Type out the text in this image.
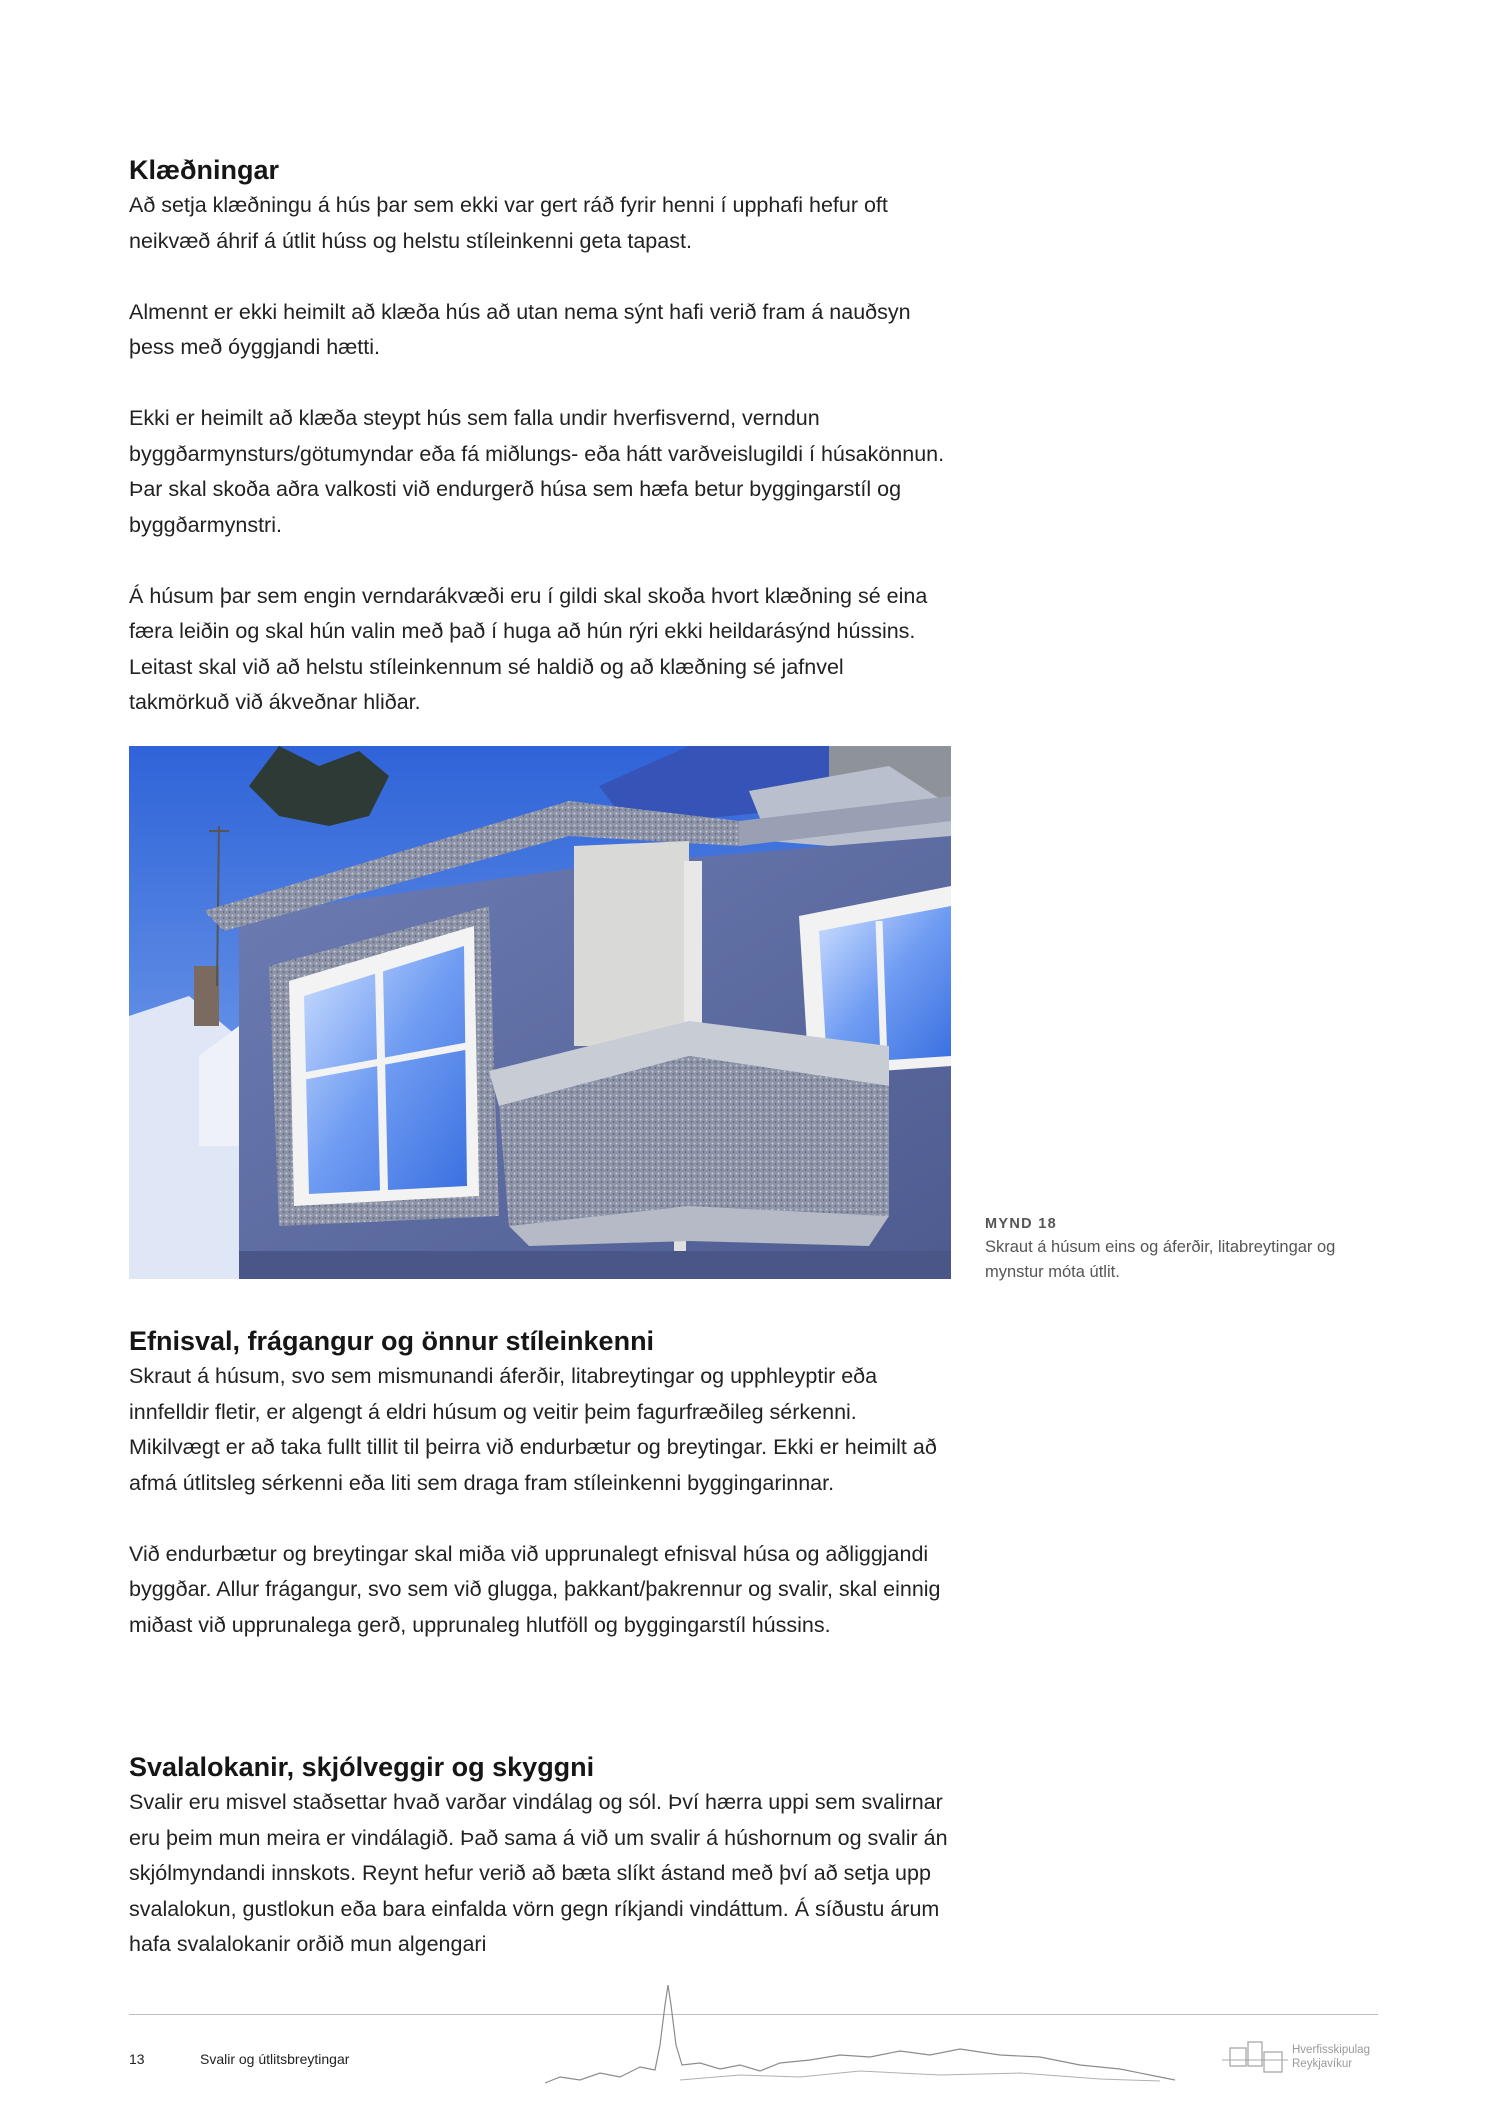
Klæðningar

Að setja klæðningu á hús þar sem ekki var gert ráð fyrir henni í upphafi hefur oft neikvæð áhrif á útlit húss og helstu stíleinkenni geta tapast.

Almennt er ekki heimilt að klæða hús að utan nema sýnt hafi verið fram á nauðsyn þess með óyggjandi hætti.

Ekki er heimilt að klæða steypt hús sem falla undir hverfisvernd, verndun byggðarmynsturs/götumyndar eða fá miðlungs- eða hátt varðveislugildi í húsakönnun. Þar skal skoða aðra valkosti við endurgerð húsa sem hæfa betur byggingarstíl og byggðarmynstri.

Á húsum þar sem engin verndarákvæði eru í gildi skal skoða hvort klæðning sé eina færa leiðin og skal hún valin með það í huga að hún rýri ekki heildarásýnd hússins. Leitast skal við að helstu stíleinkennum sé haldið og að klæðning sé jafnvel takmörkuð við ákveðnar hliðar.

MYND 18
Skraut á húsum eins og áferðir, litabreytingar og mynstur móta útlit.
Efnisval, frágangur og önnur stíleinkenni

Skraut á húsum, svo sem mismunandi áferðir, litabreytingar og upphleyptir eða innfelldir fletir, er algengt á eldri húsum og veitir þeim fagurfræðileg sérkenni. Mikilvægt er að taka fullt tillit til þeirra við endurbætur og breytingar. Ekki er heimilt að afmá útlitsleg sérkenni eða liti sem draga fram stíleinkenni byggingarinnar.

Við endurbætur og breytingar skal miða við upprunalegt efnisval húsa og aðliggjandi byggðar. Allur frágangur, svo sem við glugga, þakkant/þakrennur og svalir, skal einnig miðast við upprunalega gerð, upprunaleg hlutföll og byggingarstíl hússins.

Svalalokanir, skjólveggir og skyggni

Svalir eru misvel staðsettar hvað varðar vindálag og sól. Því hærra uppi sem svalirnar eru þeim mun meira er vindálagið. Það sama á við um svalir á húshornum og svalir án skjólmyndandi innskots. Reynt hefur verið að bæta slíkt ástand með því að setja upp svalalokun, gustlokun eða bara einfalda vörn gegn ríkjandi vindáttum. Á síðustu árum hafa svalalokanir orðið mun algengari

13	Svalir og útlitsbreytingar
Hverfisskipulag
Reykjavíkur
